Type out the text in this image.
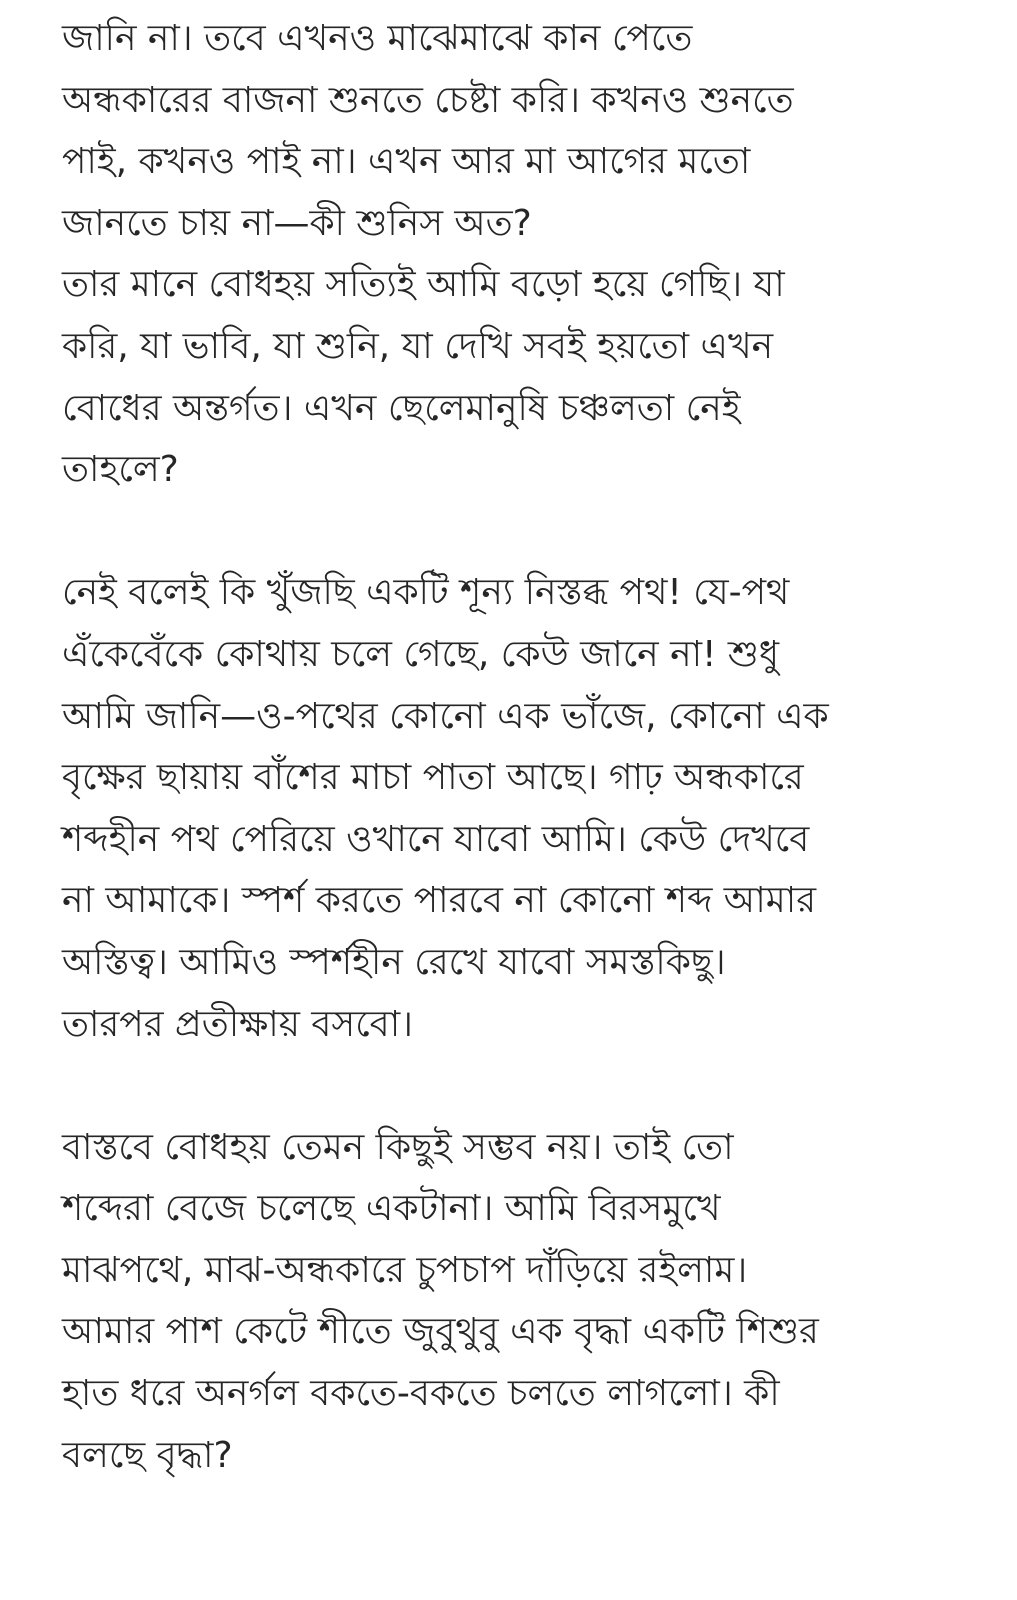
জানি না। তবে এখনও মাঝেমাঝে কান পেতে
অন্ধকারের বাজনা শুনতে চেষ্টা করি। কখনও শুনতে
পাই, কখনও পাই না। এখন আর মা আগের মতো
জানতে চায় না—কী শুনিস অত?
তার মানে বোধহয় সত্যিই আমি বড়ো হয়ে গেছি। যা
করি, যা ভাবি, যা শুনি, যা দেখি সবই হয়তো এখন
বোধের অন্তর্গত। এখন ছেলেমানুষি চঞ্চলতা নেই
তাহলে?
নেই বলেই কি খুঁজছি একটি শূন্য নিস্তব্ধ পথ! যে-পথ
এঁকেবেঁকে কোথায় চলে গেছে, কেউ জানে না! শুধু
আমি জানি—ও-পথের কোনো এক ভাঁজে, কোনো এক
বৃক্ষের ছায়ায় বাঁশের মাচা পাতা আছে। গাঢ় অন্ধকারে
শব্দহীন পথ পেরিয়ে ওখানে যাবো আমি। কেউ দেখবে
না আমাকে। স্পর্শ করতে পারবে না কোনো শব্দ আমার
অস্তিত্ব। আমিও স্পর্শহীন রেখে যাবো সমস্তকিছু।
তারপর প্রতীক্ষায় বসবো।
বাস্তবে বোধহয় তেমন কিছুই সম্ভব নয়। তাই তো
শব্দেরা বেজে চলেছে একটানা। আমি বিরসমুখে
মাঝপথে, মাঝ-অন্ধকারে চুপচাপ দাঁড়িয়ে রইলাম।
আমার পাশ কেটে শীতে জুবুথুবু এক বৃদ্ধা একটি শিশুর
হাত ধরে অনর্গল বকতে-বকতে চলতে লাগলো। কী
বলছে বৃদ্ধা?
